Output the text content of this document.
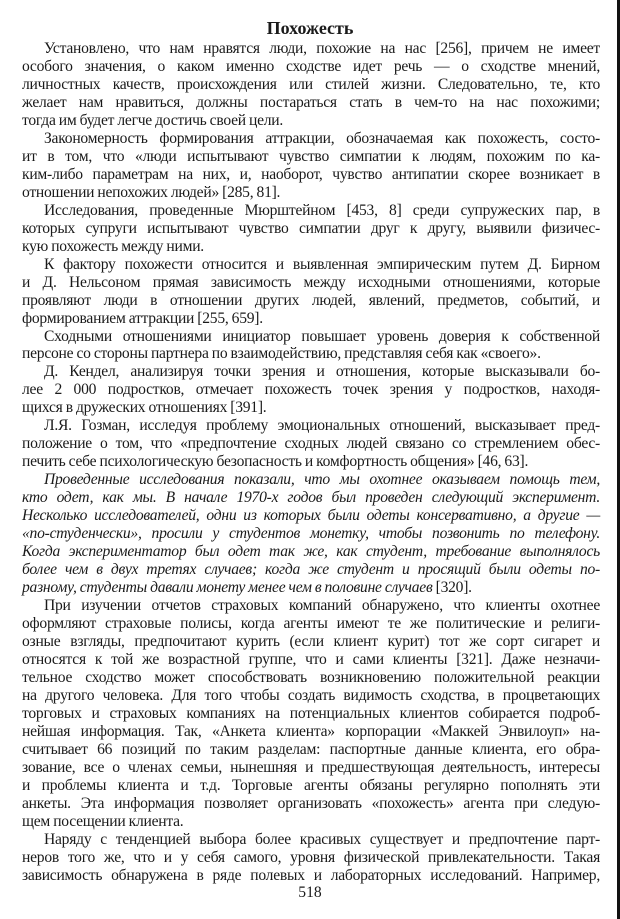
Похожесть
Установлено, что нам нравятся люди, похожие на нас [256], причем не имеет
особого значения, о каком именно сходстве идет речь — о сходстве мнений,
личностных качеств, происхождения или стилей жизни. Следовательно, те, кто
желает нам нравиться, должны постараться стать в чем-то на нас похожими;
тогда им будет легче достичь своей цели.
Закономерность формирования аттракции, обозначаемая как похожесть, состо-
ит в том, что «люди испытывают чувство симпатии к людям, похожим по ка-
ким-либо параметрам на них, и, наоборот, чувство антипатии скорее возникает в
отношении непохожих людей» [285, 81].
Исследования, проведенные Мюрштейном [453, 8] среди супружеских пар, в
которых супруги испытывают чувство симпатии друг к другу, выявили физичес-
кую похожесть между ними.
К фактору похожести относится и выявленная эмпирическим путем Д. Бирном
и Д. Нельсоном прямая зависимость между исходными отношениями, которые
проявляют люди в отношении других людей, явлений, предметов, событий, и
формированием аттракции [255, 659].
Сходными отношениями инициатор повышает уровень доверия к собственной
персоне со стороны партнера по взаимодействию, представляя себя как «своего».
Д. Кендел, анализируя точки зрения и отношения, которые высказывали бо-
лее 2 000 подростков, отмечает похожесть точек зрения у подростков, находя-
щихся в дружеских отношениях [391].
Л.Я. Гозман, исследуя проблему эмоциональных отношений, высказывает пред-
положение о том, что «предпочтение сходных людей связано со стремлением обес-
печить себе психологическую безопасность и комфортность общения» [46, 63].
Проведенные исследования показали, что мы охотнее оказываем помощь тем,
кто одет, как мы. В начале 1970-х годов был проведен следующий эксперимент.
Несколько исследователей, одни из которых были одеты консервативно, а другие —
«по-студенчески», просили у студентов монетку, чтобы позвонить по телефону.
Когда экспериментатор был одет так же, как студент, требование выполнялось
более чем в двух третях случаев; когда же студент и просящий были одеты по-
разному, студенты давали монету менее чем в половине случаев [320].
При изучении отчетов страховых компаний обнаружено, что клиенты охотнее
оформляют страховые полисы, когда агенты имеют те же политические и религи-
озные взгляды, предпочитают курить (если клиент курит) тот же сорт сигарет и
относятся к той же возрастной группе, что и сами клиенты [321]. Даже незначи-
тельное сходство может способствовать возникновению положительной реакции
на другого человека. Для того чтобы создать видимость сходства, в процветающих
торговых и страховых компаниях на потенциальных клиентов собирается подроб-
нейшая информация. Так, «Анкета клиента» корпорации «Маккей Энвилоуп» на-
считывает 66 позиций по таким разделам: паспортные данные клиента, его обра-
зование, все о членах семьи, нынешняя и предшествующая деятельность, интересы
и проблемы клиента и т.д. Торговые агенты обязаны регулярно пополнять эти
анкеты. Эта информация позволяет организовать «похожесть» агента при следую-
щем посещении клиента.
Наряду с тенденцией выбора более красивых существует и предпочтение парт-
неров того же, что и у себя самого, уровня физической привлекательности. Такая
зависимость обнаружена в ряде полевых и лабораторных исследований. Например,
518
